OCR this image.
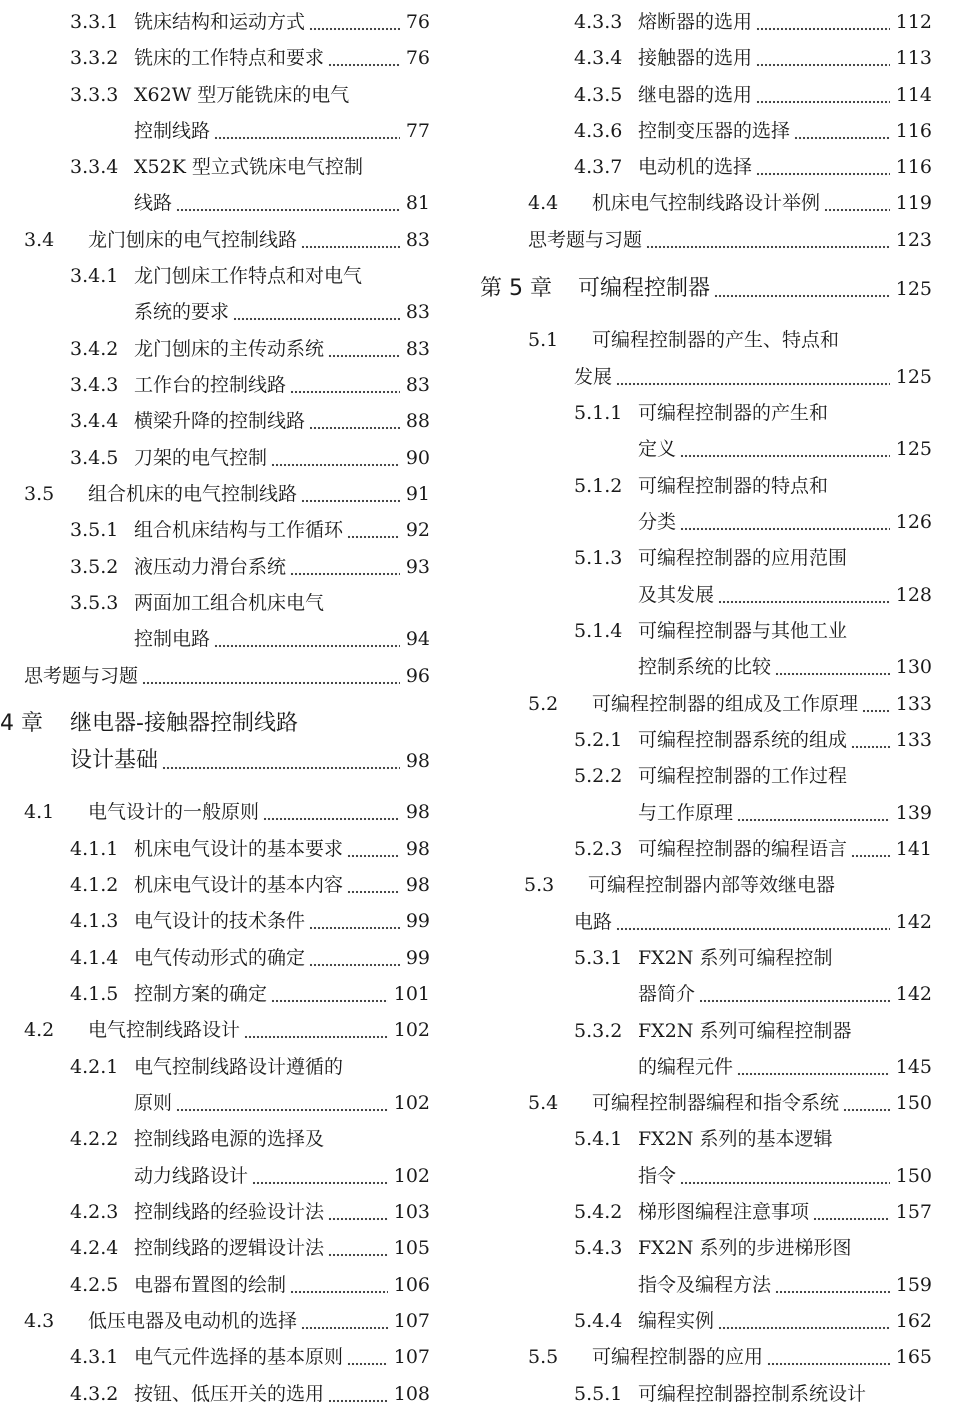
3.3.1 铣床结构和运动方式	76
3.3.2 铣床的工作特点和要求	76
3.3.3 X62W 型万能铣床的电气
控制线路	77
3.3.4 X52K 型立式铣床电气控制
线路	81
3.4 龙门刨床的电气控制线路	83
3.4.1 龙门刨床工作特点和对电气
系统的要求	83
3.4.2 龙门刨床的主传动系统	83
3.4.3 工作台的控制线路	83
3.4.4 横梁升降的控制线路	88
3.4.5 刀架的电气控制	90
3.5 组合机床的电气控制线路	91
3.5.1 组合机床结构与工作循环	92
3.5.2 液压动力滑台系统	93
3.5.3 两面加工组合机床电气
控制电路	94
思考题与习题	96
4 章 继电器-接触器控制线路
设计基础	98
4.1 电气设计的一般原则	98
4.1.1 机床电气设计的基本要求	98
4.1.2 机床电气设计的基本内容	98
4.1.3 电气设计的技术条件	99
4.1.4 电气传动形式的确定	99
4.1.5 控制方案的确定	101
4.2 电气控制线路设计	102
4.2.1 电气控制线路设计遵循的
原则	102
4.2.2 控制线路电源的选择及
动力线路设计	102
4.2.3 控制线路的经验设计法	103
4.2.4 控制线路的逻辑设计法	105
4.2.5 电器布置图的绘制	106
4.3 低压电器及电动机的选择	107
4.3.1 电气元件选择的基本原则	107
4.3.2 按钮、低压开关的选用	108
4.3.3 熔断器的选用	112
4.3.4 接触器的选用	113
4.3.5 继电器的选用	114
4.3.6 控制变压器的选择	116
4.3.7 电动机的选择	116
4.4 机床电气控制线路设计举例	119
思考题与习题	123
第 5 章 可编程控制器	125
5.1 可编程控制器的产生、特点和
发展	125
5.1.1 可编程控制器的产生和
定义	125
5.1.2 可编程控制器的特点和
分类	126
5.1.3 可编程控制器的应用范围
及其发展	128
5.1.4 可编程控制器与其他工业
控制系统的比较	130
5.2 可编程控制器的组成及工作原理 133
5.2.1 可编程控制器系统的组成	133
5.2.2 可编程控制器的工作过程
与工作原理	139
5.2.3 可编程控制器的编程语言	141
5.3 可编程控制器内部等效继电器
电路	142
5.3.1 FX2N 系列可编程控制
器简介	142
5.3.2 FX2N 系列可编程控制器
的编程元件	145
5.4 可编程控制器编程和指令系统	150
5.4.1 FX2N 系列的基本逻辑
指令	150
5.4.2 梯形图编程注意事项	157
5.4.3 FX2N 系列的步进梯形图
指令及编程方法	159
5.4.4 编程实例	162
5.5 可编程控制器的应用	165
5.5.1 可编程控制器控制系统设计
